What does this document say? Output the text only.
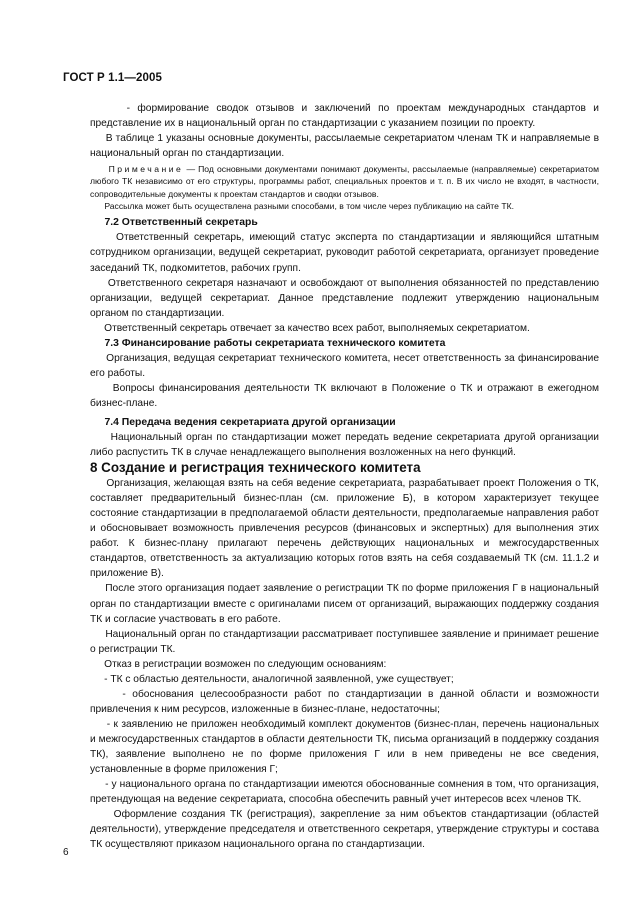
ГОСТ Р 1.1—2005

- формирование сводок отзывов и заключений по проектам международных стандартов и представление их в национальный орган по стандартизации с указанием позиции по проекту.

В таблице 1 указаны основные документы, рассылаемые секретариатом членам ТК и направляемые в национальный орган по стандартизации.

Примечание — Под основными документами понимают документы, рассылаемые (направляемые) секретариатом любого ТК независимо от его структуры, программы работ, специальных проектов и т. п. В их число не входят, в частности, сопроводительные документы к проектам стандартов и сводки отзывов.

Рассылка может быть осуществлена разными способами, в том числе через публикацию на сайте ТК.

7.2 Ответственный секретарь

Ответственный секретарь, имеющий статус эксперта по стандартизации и являющийся штатным сотрудником организации, ведущей секретариат, руководит работой секретариата, организует проведение заседаний ТК, подкомитетов, рабочих групп.

Ответственного секретаря назначают и освобождают от выполнения обязанностей по представлению организации, ведущей секретариат. Данное представление подлежит утверждению национальным органом по стандартизации.

Ответственный секретарь отвечает за качество всех работ, выполняемых секретариатом.

7.3 Финансирование работы секретариата технического комитета

Организация, ведущая секретариат технического комитета, несет ответственность за финансирование его работы.

Вопросы финансирования деятельности ТК включают в Положение о ТК и отражают в ежегодном бизнес-плане.

7.4 Передача ведения секретариата другой организации

Национальный орган по стандартизации может передать ведение секретариата другой организации либо распустить ТК в случае ненадлежащего выполнения возложенных на него функций.

8 Создание и регистрация технического комитета

Организация, желающая взять на себя ведение секретариата, разрабатывает проект Положения о ТК, составляет предварительный бизнес-план (см. приложение Б), в котором характеризует текущее состояние стандартизации в предполагаемой области деятельности, предполагаемые направления работ и обосновывает возможность привлечения ресурсов (финансовых и экспертных) для выполнения этих работ. К бизнес-плану прилагают перечень действующих национальных и межгосударственных стандартов, ответственность за актуализацию которых готов взять на себя создаваемый ТК (см. 11.1.2 и приложение В).

После этого организация подает заявление о регистрации ТК по форме приложения Г в национальный орган по стандартизации вместе с оригиналами писем от организаций, выражающих поддержку создания ТК и согласие участвовать в его работе.

Национальный орган по стандартизации рассматривает поступившее заявление и принимает решение о регистрации ТК.

Отказ в регистрации возможен по следующим основаниям:

- ТК с областью деятельности, аналогичной заявленной, уже существует;

- обоснования целесообразности работ по стандартизации в данной области и возможности привлечения к ним ресурсов, изложенные в бизнес-плане, недостаточны;

- к заявлению не приложен необходимый комплект документов (бизнес-план, перечень национальных и межгосударственных стандартов в области деятельности ТК, письма организаций в поддержку создания ТК), заявление выполнено не по форме приложения Г или в нем приведены не все сведения, установленные в форме приложения Г;

- у национального органа по стандартизации имеются обоснованные сомнения в том, что организация, претендующая на ведение секретариата, способна обеспечить равный учет интересов всех членов ТК.

Оформление создания ТК (регистрация), закрепление за ним объектов стандартизации (областей деятельности), утверждение председателя и ответственного секретаря, утверждение структуры и состава ТК осуществляют приказом национального органа по стандартизации.

6
